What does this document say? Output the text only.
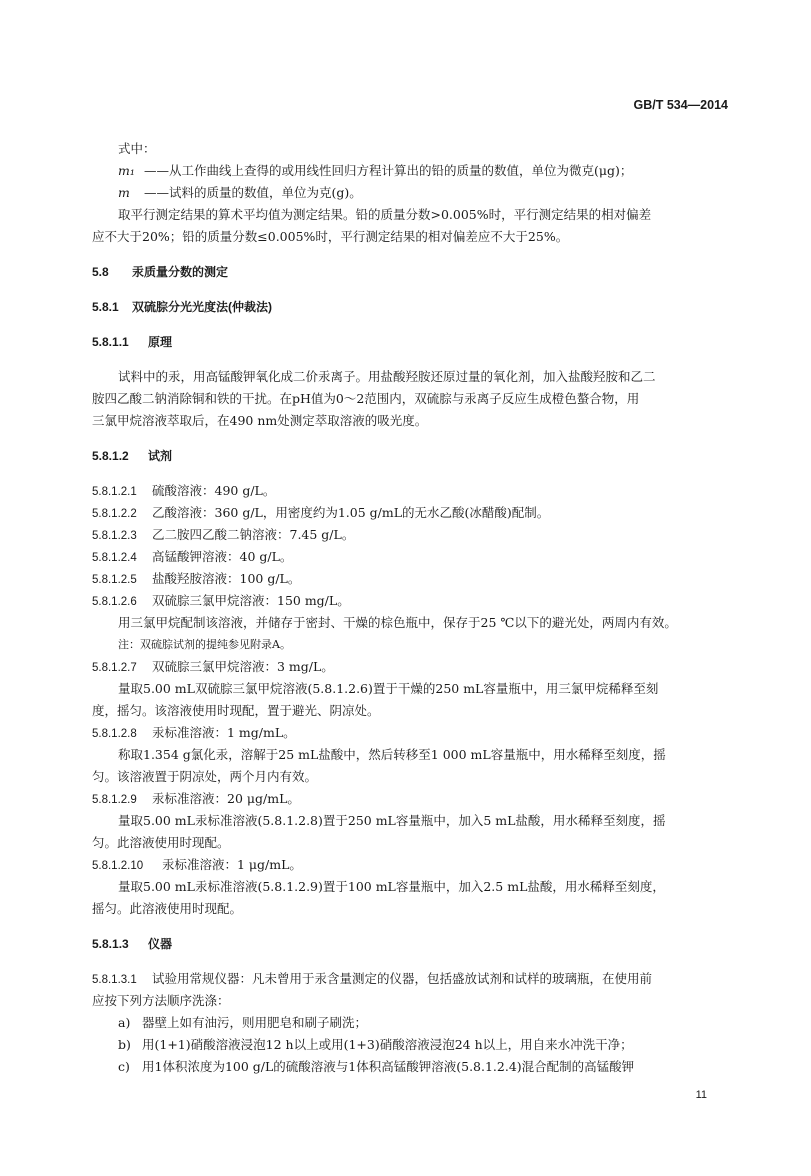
GB/T 534—2014
式中：
m₁ ——从工作曲线上查得的或用线性回归方程计算出的铅的质量的数值，单位为微克(μg)；
m ——试料的质量的数值，单位为克(g)。
取平行测定结果的算术平均值为测定结果。铅的质量分数>0.005%时，平行测定结果的相对偏差
应不大于20%；铅的质量分数≤0.005%时，平行测定结果的相对偏差应不大于25%。
5.8 汞质量分数的测定
5.8.1 双硫腙分光光度法(仲裁法)
5.8.1.1 原理
试料中的汞，用高锰酸钾氧化成二价汞离子。用盐酸羟胺还原过量的氧化剂，加入盐酸羟胺和乙二
胺四乙酸二钠消除铜和铁的干扰。在pH值为0～2范围内，双硫腙与汞离子反应生成橙色螯合物，用
三氯甲烷溶液萃取后，在490 nm处测定萃取溶液的吸光度。
5.8.1.2 试剂
5.8.1.2.1 硫酸溶液：490 g/L。
5.8.1.2.2 乙酸溶液：360 g/L，用密度约为1.05 g/mL的无水乙酸(冰醋酸)配制。
5.8.1.2.3 乙二胺四乙酸二钠溶液：7.45 g/L。
5.8.1.2.4 高锰酸钾溶液：40 g/L。
5.8.1.2.5 盐酸羟胺溶液：100 g/L。
5.8.1.2.6 双硫腙三氯甲烷溶液：150 mg/L。
用三氯甲烷配制该溶液，并储存于密封、干燥的棕色瓶中，保存于25 ℃以下的避光处，两周内有效。
注：双硫腙试剂的提纯参见附录A。
5.8.1.2.7 双硫腙三氯甲烷溶液：3 mg/L。
量取5.00 mL双硫腙三氯甲烷溶液(5.8.1.2.6)置于干燥的250 mL容量瓶中，用三氯甲烷稀释至刻
度，摇匀。该溶液使用时现配，置于避光、阴凉处。
5.8.1.2.8 汞标准溶液：1 mg/mL。
称取1.354 g氯化汞，溶解于25 mL盐酸中，然后转移至1 000 mL容量瓶中，用水稀释至刻度，摇
匀。该溶液置于阴凉处，两个月内有效。
5.8.1.2.9 汞标准溶液：20 μg/mL。
量取5.00 mL汞标准溶液(5.8.1.2.8)置于250 mL容量瓶中，加入5 mL盐酸，用水稀释至刻度，摇
匀。此溶液使用时现配。
5.8.1.2.10 汞标准溶液：1 μg/mL。
量取5.00 mL汞标准溶液(5.8.1.2.9)置于100 mL容量瓶中，加入2.5 mL盐酸，用水稀释至刻度，
摇匀。此溶液使用时现配。
5.8.1.3 仪器
5.8.1.3.1 试验用常规仪器：凡未曾用于汞含量测定的仪器，包括盛放试剂和试样的玻璃瓶，在使用前
应按下列方法顺序洗涤：
a) 器壁上如有油污，则用肥皂和刷子刷洗；
b) 用(1+1)硝酸溶液浸泡12 h以上或用(1+3)硝酸溶液浸泡24 h以上，用自来水冲洗干净；
c) 用1体积浓度为100 g/L的硫酸溶液与1体积高锰酸钾溶液(5.8.1.2.4)混合配制的高锰酸钾
11
